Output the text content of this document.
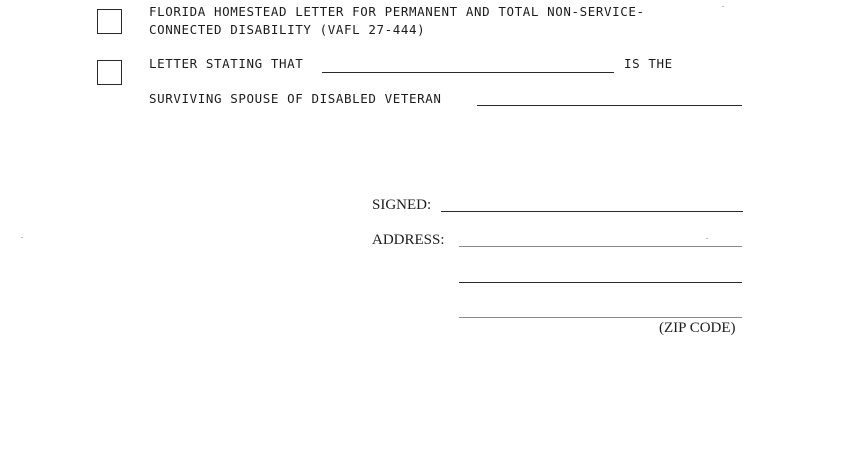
FLORIDA HOMESTEAD LETTER FOR PERMANENT AND TOTAL NON-SERVICE-
CONNECTED DISABILITY (VAFL 27-444)
LETTER STATING THAT	IS THE
SURVIVING SPOUSE OF DISABLED VETERAN
SIGNED:
ADDRESS:
(ZIP CODE)
